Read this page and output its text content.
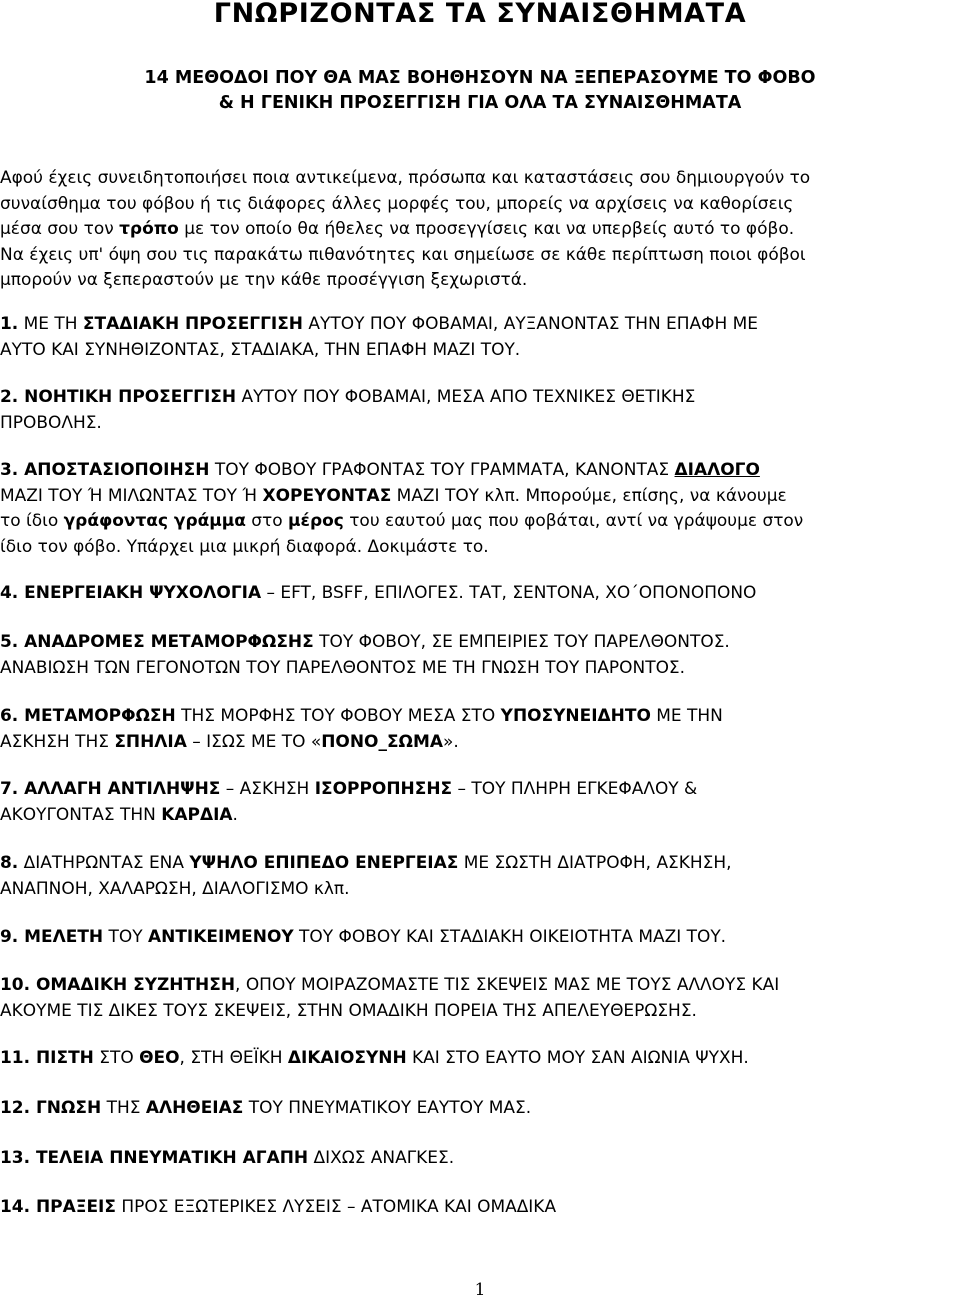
ΓΝΩΡΙΖΟΝΤΑΣ ΤΑ ΣΥΝΑΙΣΘΗΜΑΤΑ
14 ΜΕΘΟΔΟΙ ΠΟΥ ΘΑ ΜΑΣ ΒΟΗΘΗΣΟΥΝ ΝΑ ΞΕΠΕΡΑΣΟΥΜΕ ΤΟ ΦΟΒΟ
& Η ΓΕΝΙΚΗ ΠΡΟΣΕΓΓΙΣΗ ΓΙΑ ΟΛΑ ΤΑ ΣΥΝΑΙΣΘΗΜΑΤΑ
Αφού έχεις συνειδητοποιήσει ποια αντικείμενα, πρόσωπα και καταστάσεις σου δημιουργούν το
συναίσθημα του φόβου ή τις διάφορες άλλες μορφές του, μπορείς να αρχίσεις να καθορίσεις
μέσα σου τον τρόπο με τον οποίο θα ήθελες να προσεγγίσεις και να υπερβείς αυτό το φόβο.
Να έχεις υπ' όψη σου τις παρακάτω πιθανότητες και σημείωσε σε κάθε περίπτωση ποιοι φόβοι
μπορούν να ξεπεραστούν με την κάθε προσέγγιση ξεχωριστά.
1. ΜΕ ΤΗ ΣΤΑΔΙΑΚΗ ΠΡΟΣΕΓΓΙΣΗ ΑΥΤΟΥ ΠΟΥ ΦΟΒΑΜΑΙ, ΑΥΞΑΝΟΝΤΑΣ ΤΗΝ ΕΠΑΦΗ ΜΕ
ΑΥΤΟ ΚΑΙ ΣΥΝΗΘΙΖΟΝΤΑΣ, ΣΤΑΔΙΑΚΑ, ΤΗΝ ΕΠΑΦΗ ΜΑΖΙ ΤΟΥ.
2. ΝΟΗΤΙΚΗ ΠΡΟΣΕΓΓΙΣΗ ΑΥΤΟΥ ΠΟΥ ΦΟΒΑΜΑΙ, ΜΕΣΑ ΑΠΟ ΤΕΧΝΙΚΕΣ ΘΕΤΙΚΗΣ
ΠΡΟΒΟΛΗΣ.
3. ΑΠΟΣΤΑΣΙΟΠΟΙΗΣΗ ΤΟΥ ΦΟΒΟΥ ΓΡΑΦΟΝΤΑΣ ΤΟΥ ΓΡΑΜΜΑΤΑ, ΚΑΝΟΝΤΑΣ ΔΙΑΛΟΓΟ
ΜΑΖΙ ΤΟΥ Ή ΜΙΛΩΝΤΑΣ ΤΟΥ Ή ΧΟΡΕΥΟΝΤΑΣ ΜΑΖΙ ΤΟΥ κλπ. Μπορούμε, επίσης, να κάνουμε
το ίδιο γράφοντας γράμμα στο μέρος του εαυτού μας που φοβάται, αντί να γράψουμε στον
ίδιο τον φόβο. Υπάρχει μια μικρή διαφορά. Δοκιμάστε το.
4. ΕΝΕΡΓΕΙΑΚΗ ΨΥΧΟΛΟΓΙΑ – EFT, BSFF, ΕΠΙΛΟΓΕΣ. ΤΑΤ, ΣΕΝΤΟΝΑ, ΧΟ΄ΟΠΟΝΟΠΟΝΟ
5. ΑΝΑΔΡΟΜΕΣ ΜΕΤΑΜΟΡΦΩΣΗΣ ΤΟΥ ΦΟΒΟΥ, ΣΕ ΕΜΠΕΙΡΙΕΣ ΤΟΥ ΠΑΡΕΛΘΟΝΤΟΣ.
ΑΝΑΒΙΩΣΗ ΤΩΝ ΓΕΓΟΝΟΤΩΝ ΤΟΥ ΠΑΡΕΛΘΟΝΤΟΣ ΜΕ ΤΗ ΓΝΩΣΗ ΤΟΥ ΠΑΡΟΝΤΟΣ.
6. ΜΕΤΑΜΟΡΦΩΣΗ ΤΗΣ ΜΟΡΦΗΣ ΤΟΥ ΦΟΒΟΥ ΜΕΣΑ ΣΤΟ ΥΠΟΣΥΝΕΙΔΗΤΟ ΜΕ ΤΗΝ
ΑΣΚΗΣΗ ΤΗΣ ΣΠΗΛΙΑ – ΙΣΩΣ ΜΕ ΤΟ «ΠΟΝΟ_ΣΩΜΑ».
7. ΑΛΛΑΓΗ ΑΝΤΙΛΗΨΗΣ – ΑΣΚΗΣΗ ΙΣΟΡΡΟΠΗΣΗΣ – ΤΟΥ ΠΛΗΡΗ ΕΓΚΕΦΑΛΟΥ &
ΑΚΟΥΓΟΝΤΑΣ ΤΗΝ ΚΑΡΔΙΑ.
8. ΔΙΑΤΗΡΩΝΤΑΣ ΕΝΑ ΥΨΗΛΟ ΕΠΙΠΕΔΟ ΕΝΕΡΓΕΙΑΣ ΜΕ ΣΩΣΤΗ ΔΙΑΤΡΟΦΗ, ΑΣΚΗΣΗ,
ΑΝΑΠΝΟΗ, ΧΑΛΑΡΩΣΗ, ΔΙΑΛΟΓΙΣΜΟ κλπ.
9. ΜΕΛΕΤΗ ΤΟΥ ΑΝΤΙΚΕΙΜΕΝΟΥ ΤΟΥ ΦΟΒΟΥ ΚΑΙ ΣΤΑΔΙΑΚΗ ΟΙΚΕΙΟΤΗΤΑ ΜΑΖΙ ΤΟΥ.
10. ΟΜΑΔΙΚΗ ΣΥΖΗΤΗΣΗ, ΟΠΟΥ ΜΟΙΡΑΖΟΜΑΣΤΕ ΤΙΣ ΣΚΕΨΕΙΣ ΜΑΣ ΜΕ ΤΟΥΣ ΑΛΛΟΥΣ ΚΑΙ
ΑΚΟΥΜΕ ΤΙΣ ΔΙΚΕΣ ΤΟΥΣ ΣΚΕΨΕΙΣ, ΣΤΗΝ ΟΜΑΔΙΚΗ ΠΟΡΕΙΑ ΤΗΣ ΑΠΕΛΕΥΘΕΡΩΣΗΣ.
11. ΠΙΣΤΗ ΣΤΟ ΘΕΟ, ΣΤΗ ΘΕΪΚΗ ΔΙΚΑΙΟΣΥΝΗ ΚΑΙ ΣΤΟ ΕΑΥΤΟ ΜΟΥ ΣΑΝ ΑΙΩΝΙΑ ΨΥΧΗ.
12. ΓΝΩΣΗ ΤΗΣ ΑΛΗΘΕΙΑΣ ΤΟΥ ΠΝΕΥΜΑΤΙΚΟΥ ΕΑΥΤΟΥ ΜΑΣ.
13. ΤΕΛΕΙΑ ΠΝΕΥΜΑΤΙΚΗ ΑΓΑΠΗ ΔΙΧΩΣ ΑΝΑΓΚΕΣ.
14. ΠΡΑΞΕΙΣ ΠΡΟΣ ΕΞΩΤΕΡΙΚΕΣ ΛΥΣΕΙΣ – ΑΤΟΜΙΚΑ ΚΑΙ ΟΜΑΔΙΚΑ
1
